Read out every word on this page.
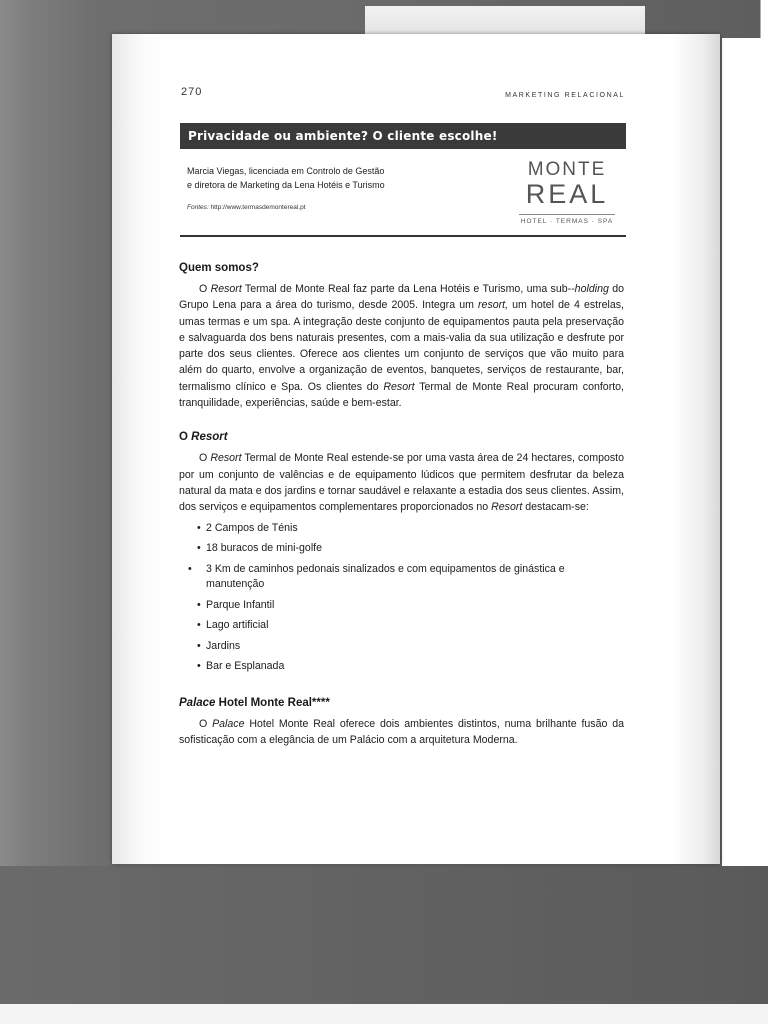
270	MARKETING RELACIONAL
Privacidade ou ambiente? O cliente escolhe!
Marcia Viegas, licenciada em Controlo de Gestão
e diretora de Marketing da Lena Hotéis e Turismo
Fontes: http://www.termasdemontereal.pt
MONTE
REAL
HOTEL · TERMAS · SPA
Quem somos?

O Resort Termal de Monte Real faz parte da Lena Hotéis e Turismo, uma sub--holding do Grupo Lena para a área do turismo, desde 2005. Integra um resort, um hotel de 4 estrelas, umas termas e um spa. A integração deste conjunto de equipamentos pauta pela preservação e salvaguarda dos bens naturais presentes, com a mais-valia da sua utilização e desfrute por parte dos seus clientes. Oferece aos clientes um conjunto de serviços que vão muito para além do quarto, envolve a organização de eventos, banquetes, serviços de restaurante, bar, termalismo clínico e Spa. Os clientes do Resort Termal de Monte Real procuram conforto, tranquilidade, experiências, saúde e bem-estar.

O Resort

O Resort Termal de Monte Real estende-se por uma vasta área de 24 hectares, composto por um conjunto de valências e de equipamento lúdicos que permitem desfrutar da beleza natural da mata e dos jardins e tornar saudável e relaxante a estadia dos seus clientes. Assim, dos serviços e equipamentos complementares proporcionados no Resort destacam-se:

• 2 Campos de Ténis
• 18 buracos de mini-golfe
• 3 Km de caminhos pedonais sinalizados e com equipamentos de ginástica e manutenção
• Parque Infantil
• Lago artificial
• Jardins
• Bar e Esplanada
Palace Hotel Monte Real****

O Palace Hotel Monte Real oferece dois ambientes distintos, numa brilhante fusão da sofisticação com a elegância de um Palácio com a arquitetura Moderna.
